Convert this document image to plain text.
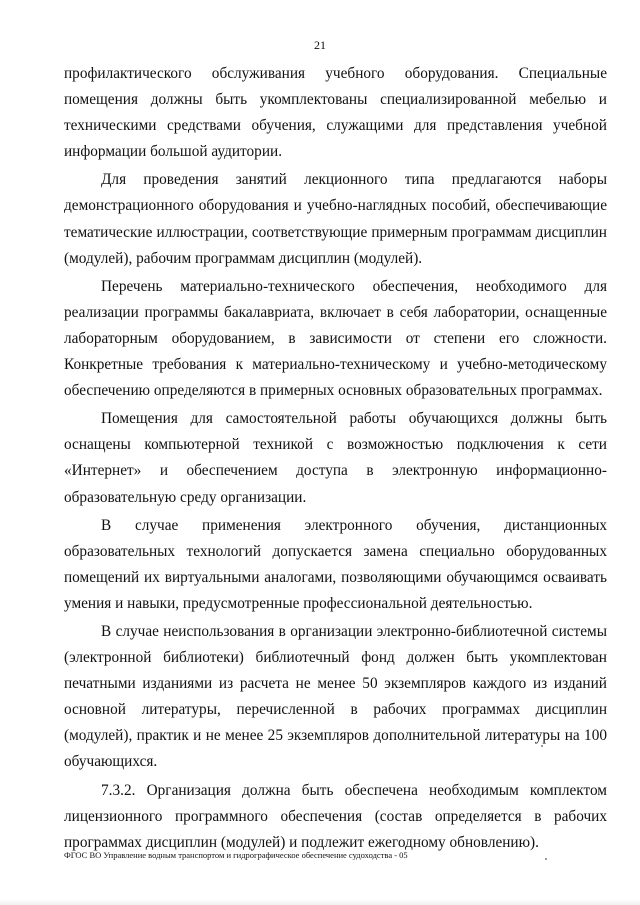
21

профилактического обслуживания учебного оборудования. Специальные помещения должны быть укомплектованы специализированной мебелью и техническими средствами обучения, служащими для представления учебной информации большой аудитории.

Для проведения занятий лекционного типа предлагаются наборы демонстрационного оборудования и учебно-наглядных пособий, обеспечивающие тематические иллюстрации, соответствующие примерным программам дисциплин (модулей), рабочим программам дисциплин (модулей).

Перечень материально-технического обеспечения, необходимого для реализации программы бакалавриата, включает в себя лаборатории, оснащенные лабораторным оборудованием, в зависимости от степени его сложности. Конкретные требования к материально-техническому и учебно-методическому обеспечению определяются в примерных основных образовательных программах.

Помещения для самостоятельной работы обучающихся должны быть оснащены компьютерной техникой с возможностью подключения к сети «Интернет» и обеспечением доступа в электронную информационно-образовательную среду организации.

В случае применения электронного обучения, дистанционных образовательных технологий допускается замена специально оборудованных помещений их виртуальными аналогами, позволяющими обучающимся осваивать умения и навыки, предусмотренные профессиональной деятельностью.

В случае неиспользования в организации электронно-библиотечной системы (электронной библиотеки) библиотечный фонд должен быть укомплектован печатными изданиями из расчета не менее 50 экземпляров каждого из изданий основной литературы, перечисленной в рабочих программах дисциплин (модулей), практик и не менее 25 экземпляров дополнительной литературы на 100 обучающихся.

7.3.2. Организация должна быть обеспечена необходимым комплектом лицензионного программного обеспечения (состав определяется в рабочих программах дисциплин (модулей) и подлежит ежегодному обновлению).

ФГОС ВО Управление водным транспортом и гидрографическое обеспечение судоходства - 05
